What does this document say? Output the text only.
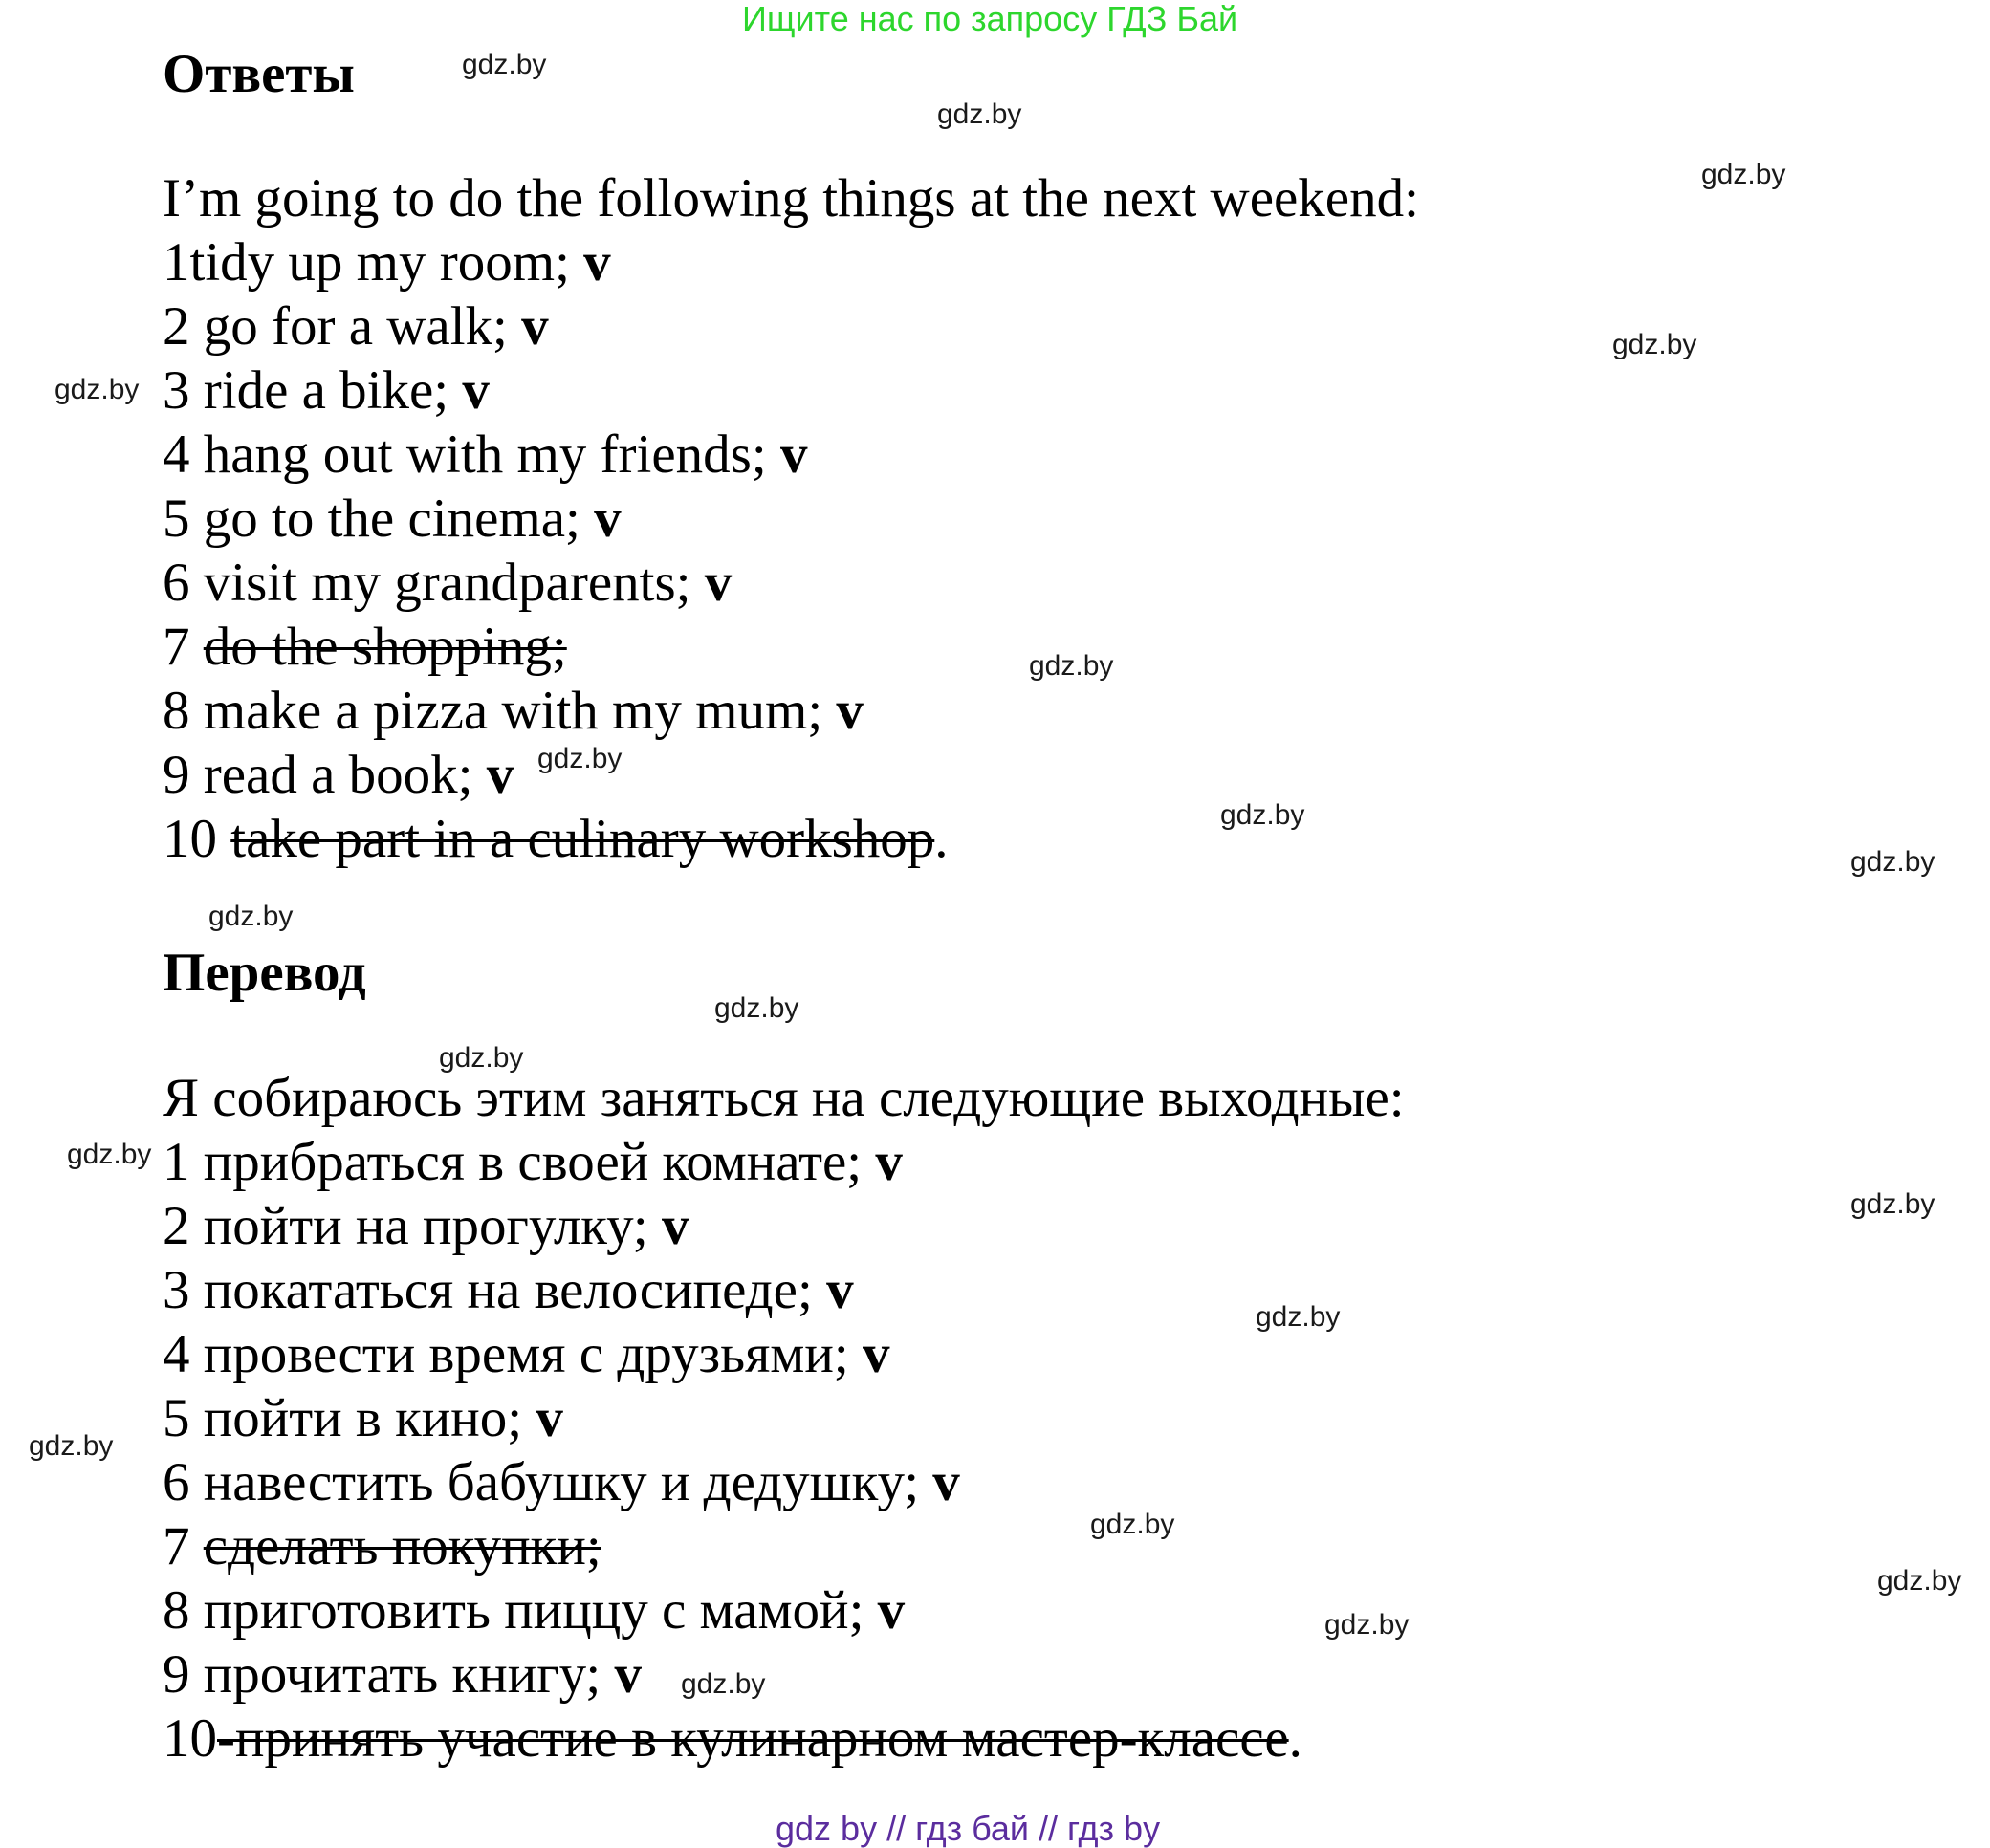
Ищите нас по запросу ГДЗ Бай
Ответы
I’m going to do the following things at the next weekend:
1tidy up my room; v
2 go for a walk; v
3 ride a bike; v
4 hang out with my friends; v
5 go to the cinema; v
6 visit my grandparents; v
7 do the shopping;
8 make a pizza with my mum; v
9 read a book; v
10 take part in a culinary workshop.
Перевод
Я собираюсь этим заняться на следующие выходные:
1 прибраться в своей комнате; v
2 пойти на прогулку; v
3 покататься на велосипеде; v
4 провести время с друзьями; v
5 пойти в кино; v
6 навестить бабушку и дедушку; v
7 сделать покупки;
8 приготовить пиццу с мамой; v
9 прочитать книгу; v
10-принять участие в кулинарном мастер-классе.
gdz.by
gdz.by
gdz.by
gdz.by
gdz.by
gdz.by
gdz.by
gdz.by
gdz.by
gdz.by
gdz.by
gdz.by
gdz.by
gdz.by
gdz.by
gdz.by
gdz.by
gdz.by
gdz.by
gdz.by
gdz by // гдз бай // гдз by
